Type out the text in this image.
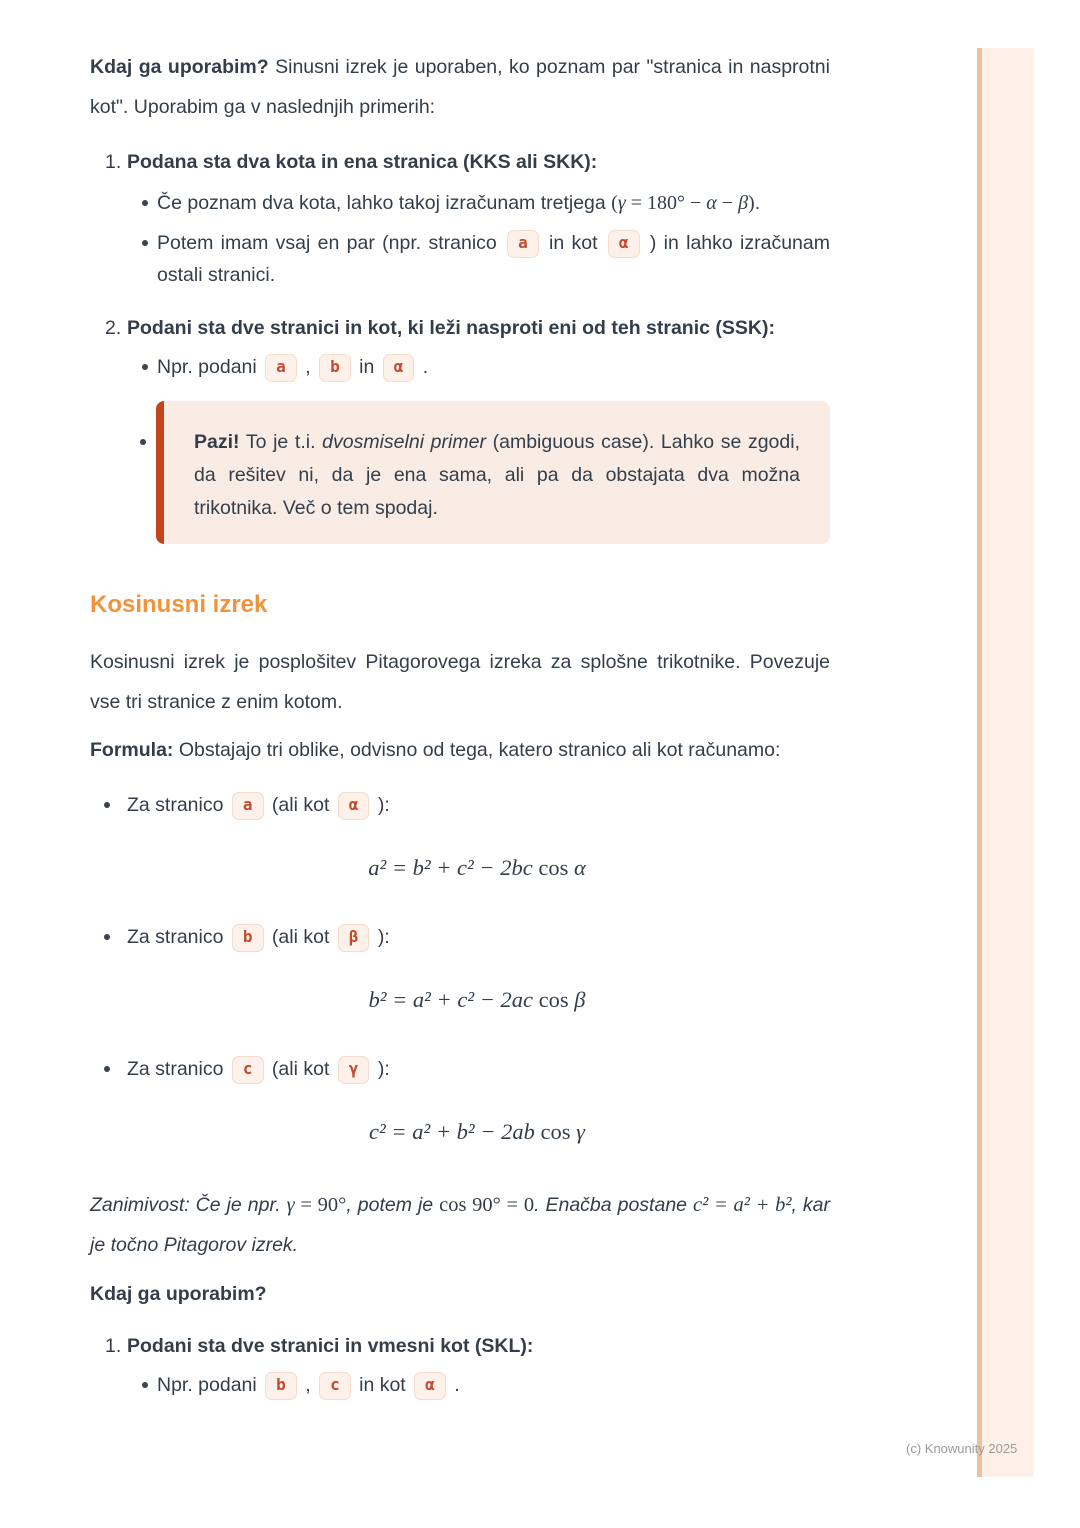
(c) Knowunity 2025

Kdaj ga uporabim? Sinusni izrek je uporaben, ko poznam par "stranica in nasprotni kot". Uporabim ga v naslednjih primerih:

1. Podana sta dva kota in ena stranica (KKS ali SKK):
Če poznam dva kota, lahko takoj izračunam tretjega (γ = 180° − α − β).
Potem imam vsaj en par (npr. stranico a in kot α ) in lahko izračunam ostali stranici.
2. Podani sta dve stranici in kot, ki leži nasproti eni od teh stranic (SSK):
Npr. podani a , b in α .
Pazi! To je t.i. dvosmiselni primer (ambiguous case). Lahko se zgodi, da rešitev ni, da je ena sama, ali pa da obstajata dva možna trikotnika. Več o tem spodaj.
Kosinusni izrek

Kosinusni izrek je posplošitev Pitagorovega izreka za splošne trikotnike. Povezuje vse tri stranice z enim kotom.

Formula: Obstajajo tri oblike, odvisno od tega, katero stranico ali kot računamo:

Za stranico a (ali kot α ):
a² = b² + c² − 2bc cos α
Za stranico b (ali kot β ):
b² = a² + c² − 2ac cos β
Za stranico c (ali kot γ ):
c² = a² + b² − 2ab cos γ

Zanimivost: Če je npr. γ = 90°, potem je cos 90° = 0. Enačba postane c² = a² + b², kar je točno Pitagorov izrek.

Kdaj ga uporabim?

1. Podani sta dve stranici in vmesni kot (SKL):
Npr. podani b , c in kot α .
